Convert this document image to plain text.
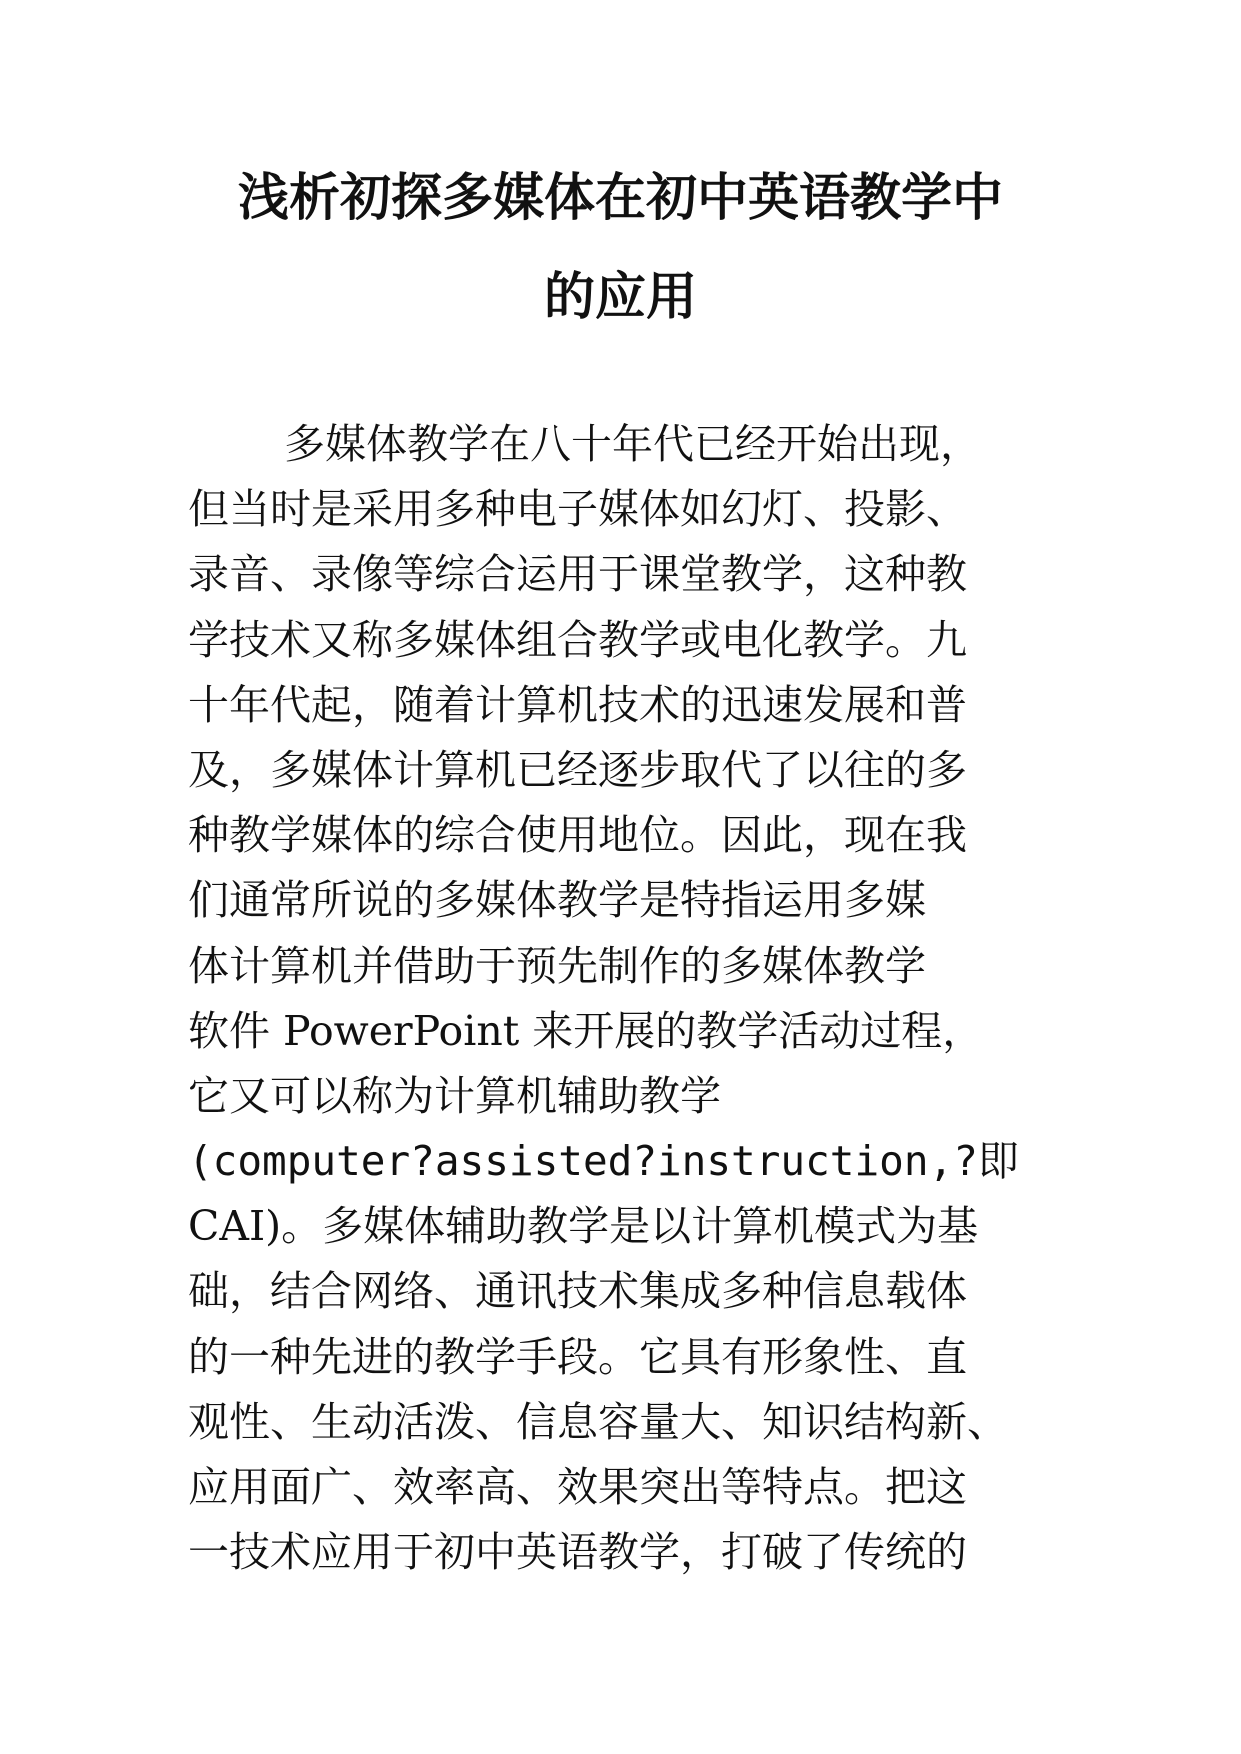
浅析初探多媒体在初中英语教学中
的应用
多媒体教学在八十年代已经开始出现，
但当时是采用多种电子媒体如幻灯、投影、
录音、录像等综合运用于课堂教学，这种教
学技术又称多媒体组合教学或电化教学。九
十年代起，随着计算机技术的迅速发展和普
及，多媒体计算机已经逐步取代了以往的多
种教学媒体的综合使用地位。因此，现在我
们通常所说的多媒体教学是特指运用多媒
体计算机并借助于预先制作的多媒体教学
软件 PowerPoint 来开展的教学活动过程，
它又可以称为计算机辅助教学
(computer?assisted?instruction,?即
CAI)。多媒体辅助教学是以计算机模式为基
础，结合网络、通讯技术集成多种信息载体
的一种先进的教学手段。它具有形象性、直
观性、生动活泼、信息容量大、知识结构新、
应用面广、效率高、效果突出等特点。把这
一技术应用于初中英语教学，打破了传统的
